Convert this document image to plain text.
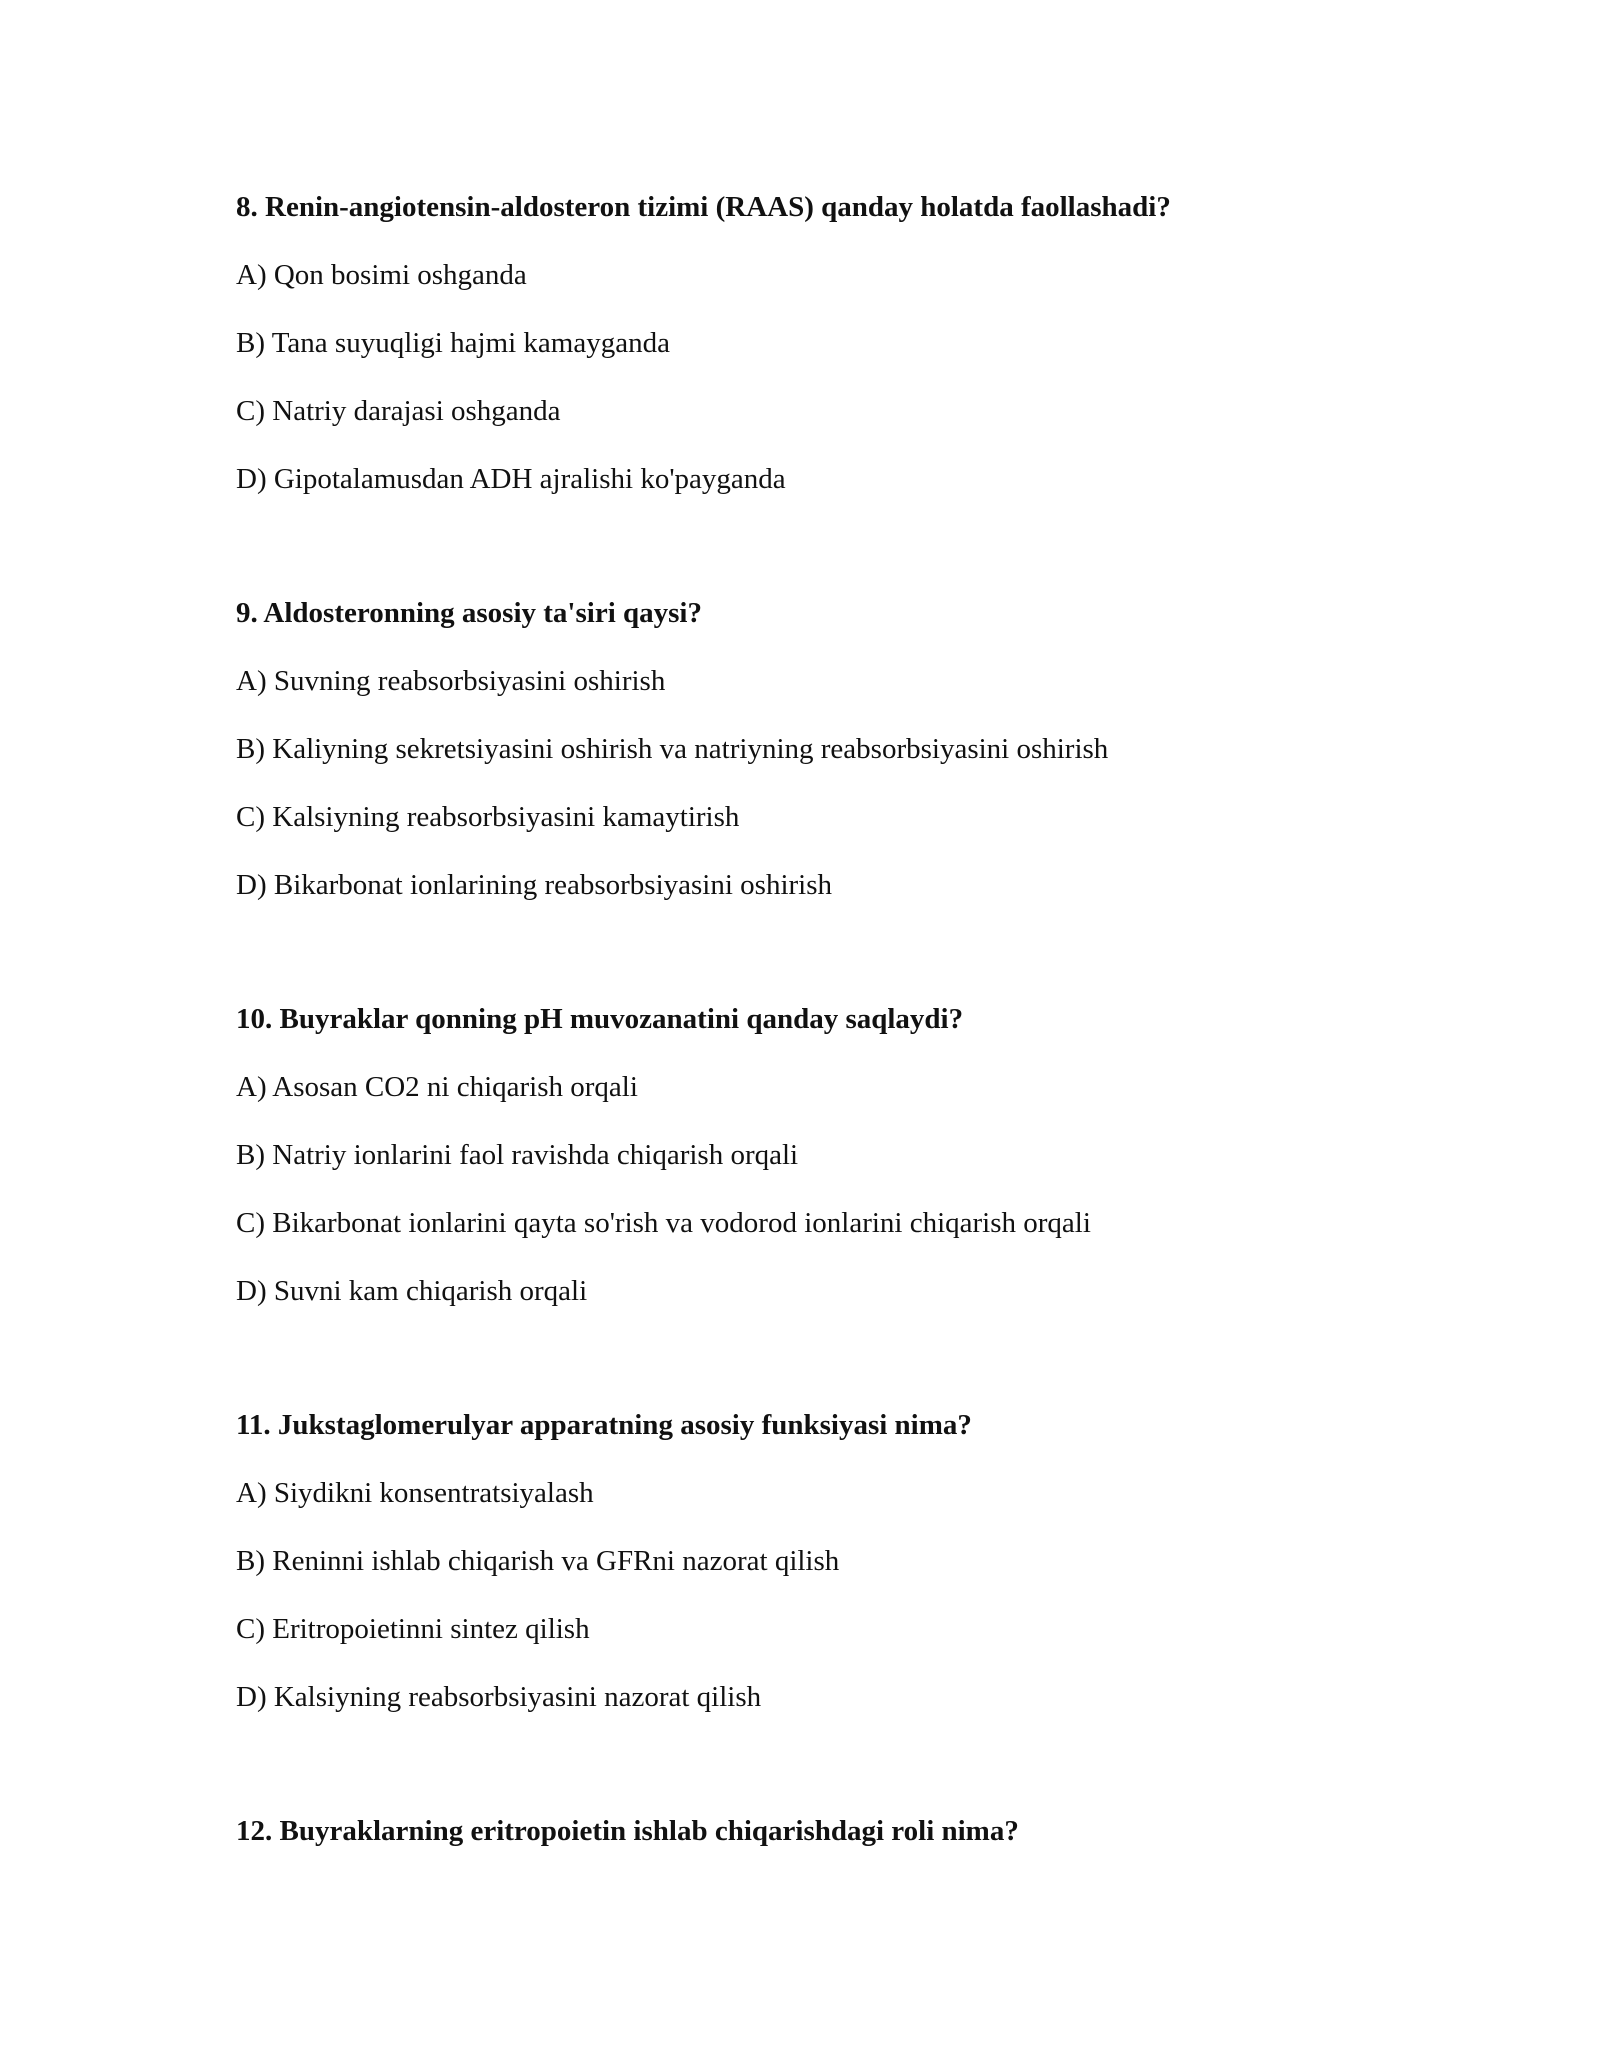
8. Renin-angiotensin-aldosteron tizimi (RAAS) qanday holatda faollashadi?
A) Qon bosimi oshganda
B) Tana suyuqligi hajmi kamayganda
C) Natriy darajasi oshganda
D) Gipotalamusdan ADH ajralishi ko'payganda
9. Aldosteronning asosiy ta'siri qaysi?
A) Suvning reabsorbsiyasini oshirish
B) Kaliyning sekretsiyasini oshirish va natriyning reabsorbsiyasini oshirish
C) Kalsiyning reabsorbsiyasini kamaytirish
D) Bikarbonat ionlarining reabsorbsiyasini oshirish
10. Buyraklar qonning pH muvozanatini qanday saqlaydi?
A) Asosan CO2 ni chiqarish orqali
B) Natriy ionlarini faol ravishda chiqarish orqali
C) Bikarbonat ionlarini qayta so'rish va vodorod ionlarini chiqarish orqali
D) Suvni kam chiqarish orqali
11. Jukstaglomerulyar apparatning asosiy funksiyasi nima?
A) Siydikni konsentratsiyalash
B) Reninni ishlab chiqarish va GFRni nazorat qilish
C) Eritropoietinni sintez qilish
D) Kalsiyning reabsorbsiyasini nazorat qilish
12. Buyraklarning eritropoietin ishlab chiqarishdagi roli nima?
